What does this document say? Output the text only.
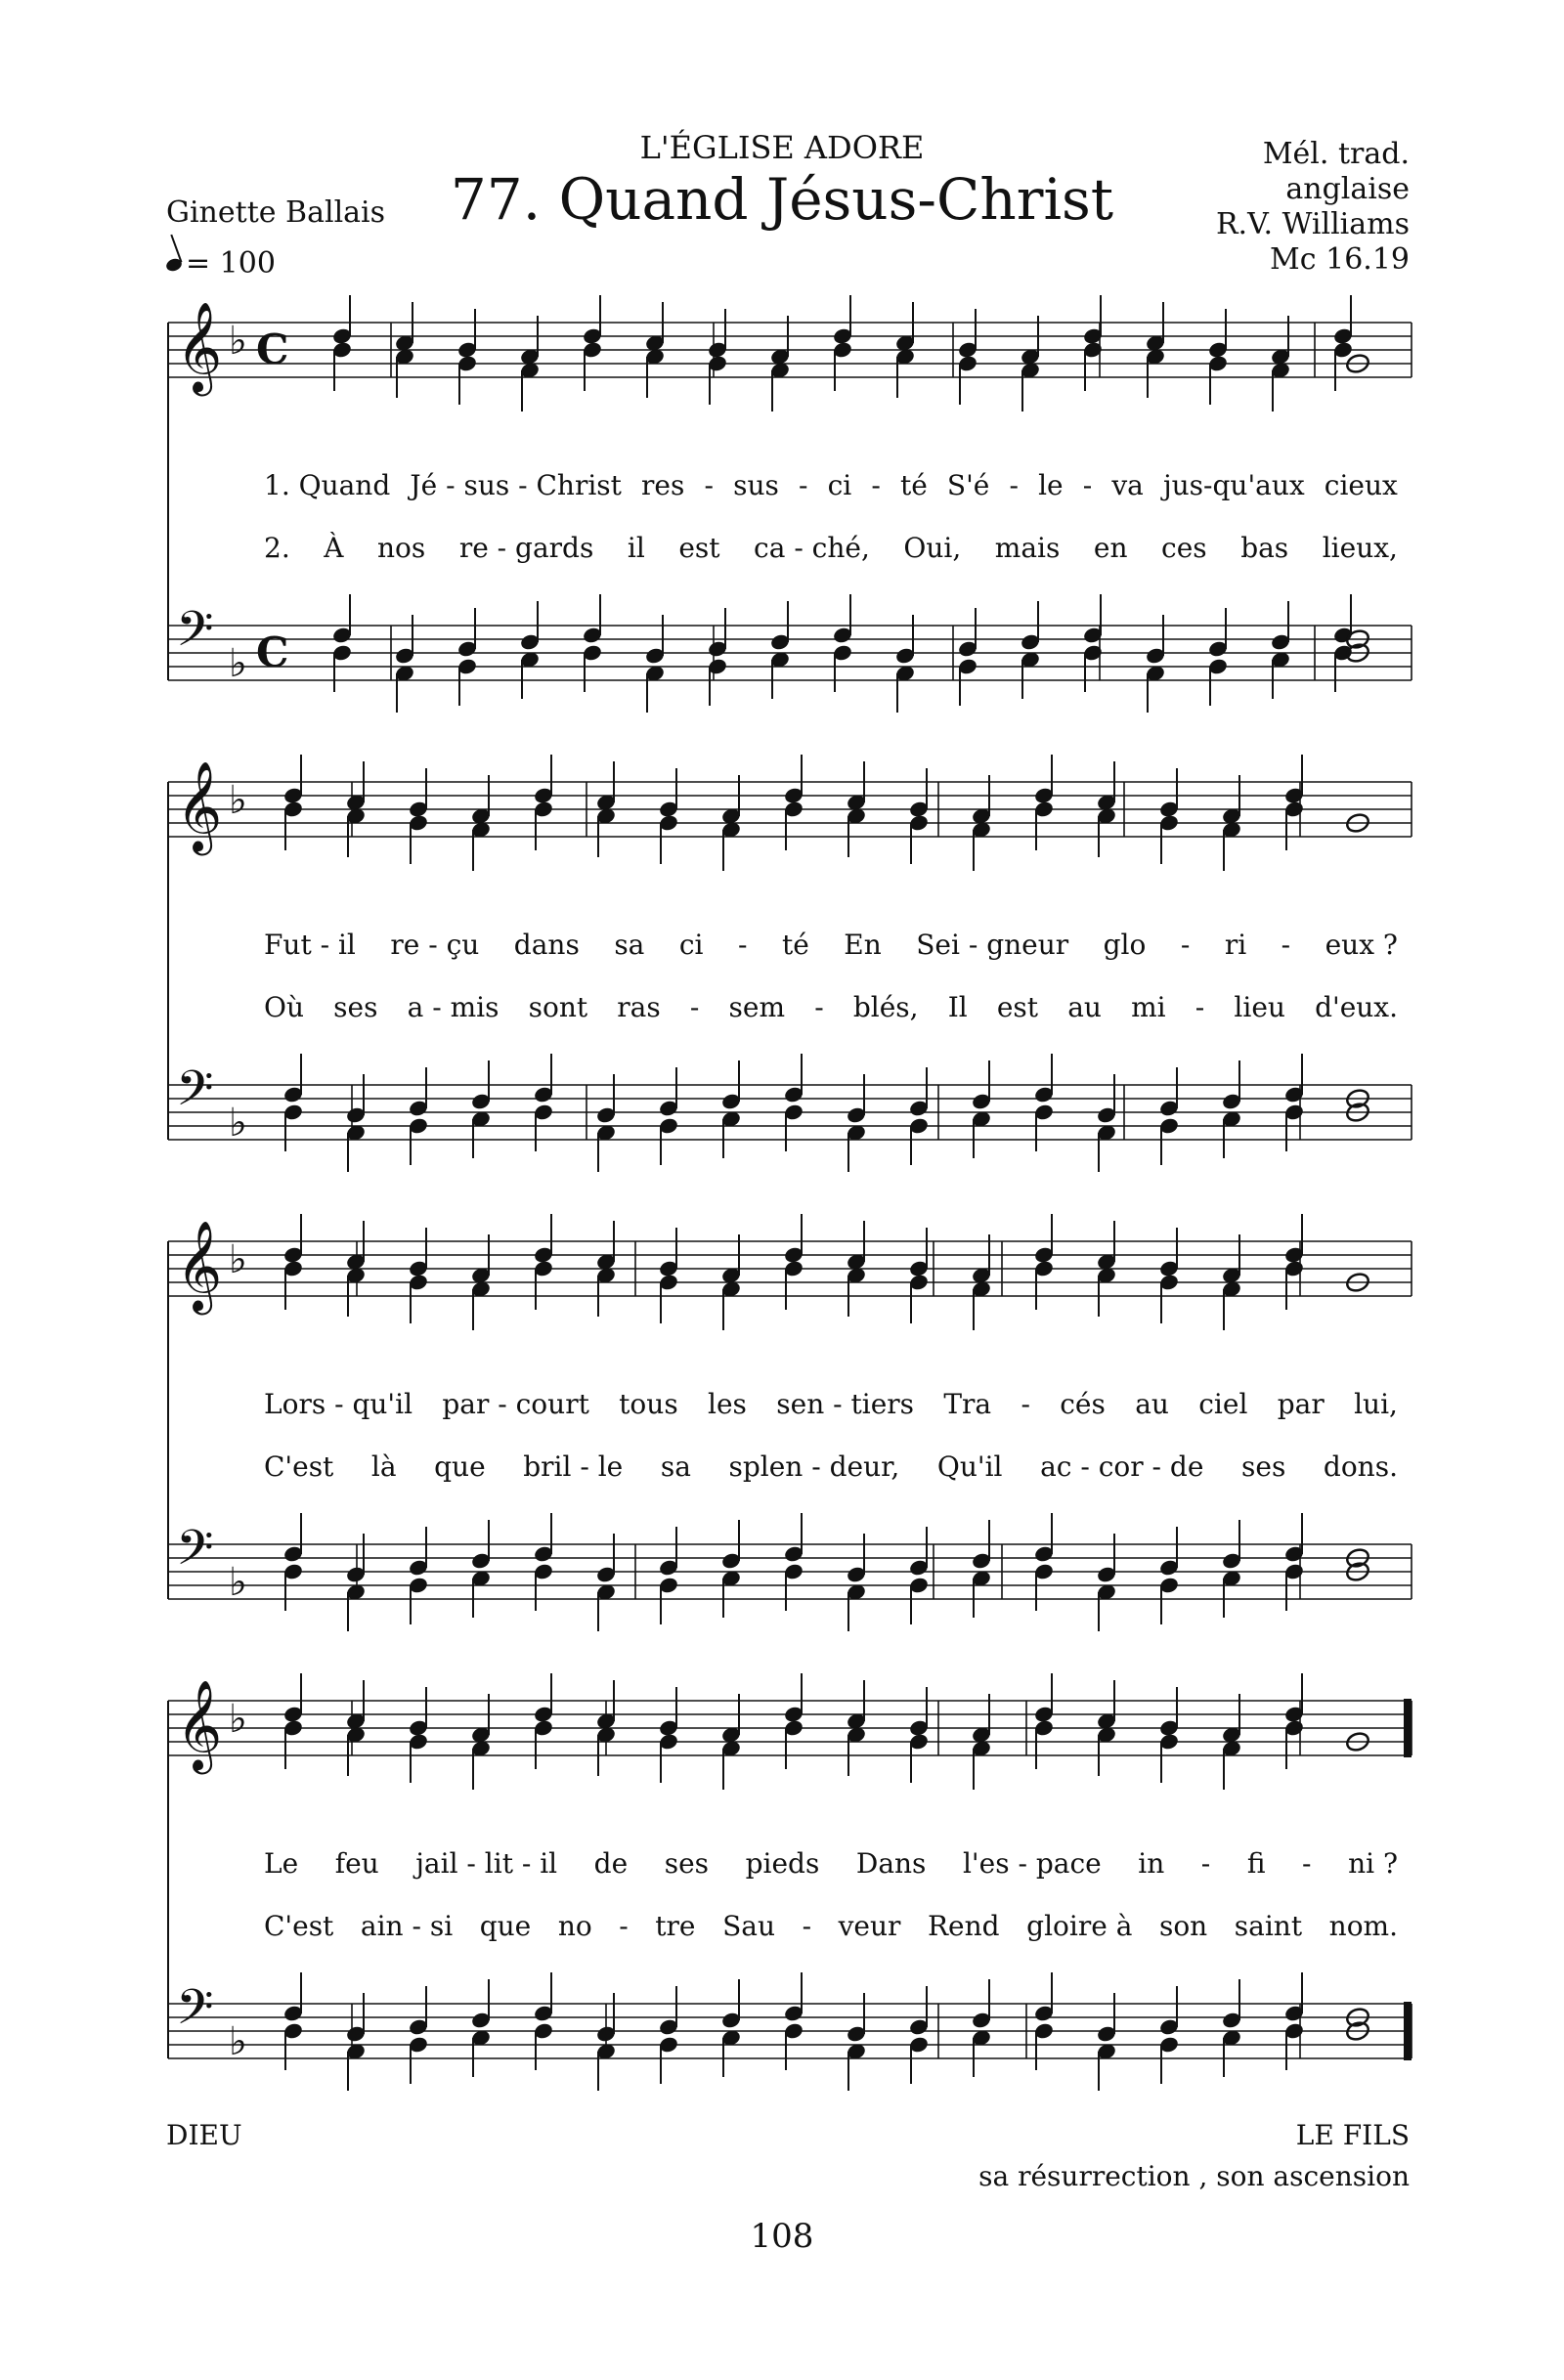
L'ÉGLISE ADORE
77. Quand Jésus-Christ
Ginette Ballais
= 100
Mél. trad.
anglaise
R.V. Williams
Mc 16.19
𝄞 ♭ C
𝄢 ♭ C
𝄞 ♭
𝄢 ♭
𝄞 ♭
𝄢 ♭
𝄞 ♭
𝄢 ♭
1. Quand Jé - sus - Christ res - sus - ci - té S'é - le - va jus-qu'aux cieux
2. À nos re - gards il est ca - ché, Oui, mais en ces bas lieux,
Fut - il re - çu dans sa ci - té En Sei - gneur glo - ri - eux ?
Où ses a - mis sont ras - sem - blés, Il est au mi - lieu d'eux.
Lors - qu'il par - court tous les sen - tiers Tra - cés au ciel par lui,
C'est là que bril - le sa splen - deur, Qu'il ac - cor - de ses dons.
Le feu jail - lit - il de ses pieds Dans l'es - pace in - fi - ni ?
C'est ain - si que no - tre Sau - veur Rend gloire à son saint nom.
DIEU	LE FILS
sa résurrection , son ascension
108
